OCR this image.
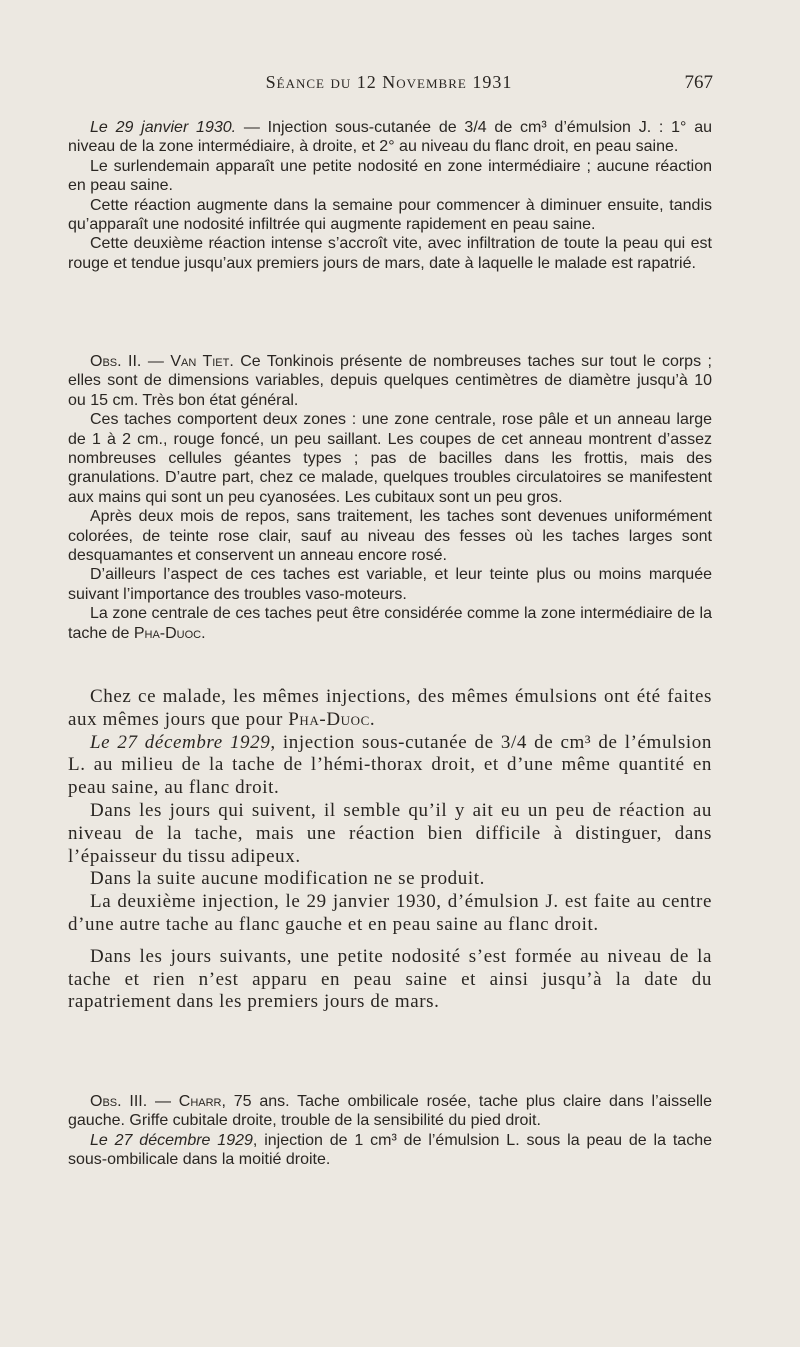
Séance du 12 Novembre 1931	767

Le 29 janvier 1930. — Injection sous-cutanée de 3/4 de cm³ d’émulsion J. : 1° au niveau de la zone intermédiaire, à droite, et 2° au niveau du flanc droit, en peau saine.

Le surlendemain apparaît une petite nodosité en zone intermédiaire ; aucune réaction en peau saine.

Cette réaction augmente dans la semaine pour commencer à diminuer ensuite, tandis qu’apparaît une nodosité infiltrée qui augmente rapidement en peau saine.

Cette deuxième réaction intense s’accroît vite, avec infiltration de toute la peau qui est rouge et tendue jusqu’aux premiers jours de mars, date à laquelle le malade est rapatrié.

Obs. II. — Van Tiet. Ce Tonkinois présente de nombreuses taches sur tout le corps ; elles sont de dimensions variables, depuis quelques centimètres de diamètre jusqu’à 10 ou 15 cm. Très bon état général.

Ces taches comportent deux zones : une zone centrale, rose pâle et un anneau large de 1 à 2 cm., rouge foncé, un peu saillant. Les coupes de cet anneau montrent d’assez nombreuses cellules géantes types ; pas de bacilles dans les frottis, mais des granulations. D’autre part, chez ce malade, quelques troubles circulatoires se manifestent aux mains qui sont un peu cyanosées. Les cubitaux sont un peu gros.

Après deux mois de repos, sans traitement, les taches sont devenues uniformément colorées, de teinte rose clair, sauf au niveau des fesses où les taches larges sont desquamantes et conservent un anneau encore rosé.

D’ailleurs l’aspect de ces taches est variable, et leur teinte plus ou moins marquée suivant l’importance des troubles vaso-moteurs.

La zone centrale de ces taches peut être considérée comme la zone intermédiaire de la tache de Pha-Duoc.

Chez ce malade, les mêmes injections, des mêmes émulsions ont été faites aux mêmes jours que pour Pha-Duoc.

Le 27 décembre 1929, injection sous-cutanée de 3/4 de cm³ de l’émulsion L. au milieu de la tache de l’hémi-thorax droit, et d’une même quantité en peau saine, au flanc droit.

Dans les jours qui suivent, il semble qu’il y ait eu un peu de réaction au niveau de la tache, mais une réaction bien difficile à distinguer, dans l’épaisseur du tissu adipeux.

Dans la suite aucune modification ne se produit.

La deuxième injection, le 29 janvier 1930, d’émulsion J. est faite au centre d’une autre tache au flanc gauche et en peau saine au flanc droit.

Dans les jours suivants, une petite nodosité s’est formée au niveau de la tache et rien n’est apparu en peau saine et ainsi jusqu’à la date du rapatriement dans les premiers jours de mars.

Obs. III. — Charr, 75 ans. Tache ombilicale rosée, tache plus claire dans l’aisselle gauche. Griffe cubitale droite, trouble de la sensibilité du pied droit.

Le 27 décembre 1929, injection de 1 cm³ de l’émulsion L. sous la peau de la tache sous-ombilicale dans la moitié droite.
